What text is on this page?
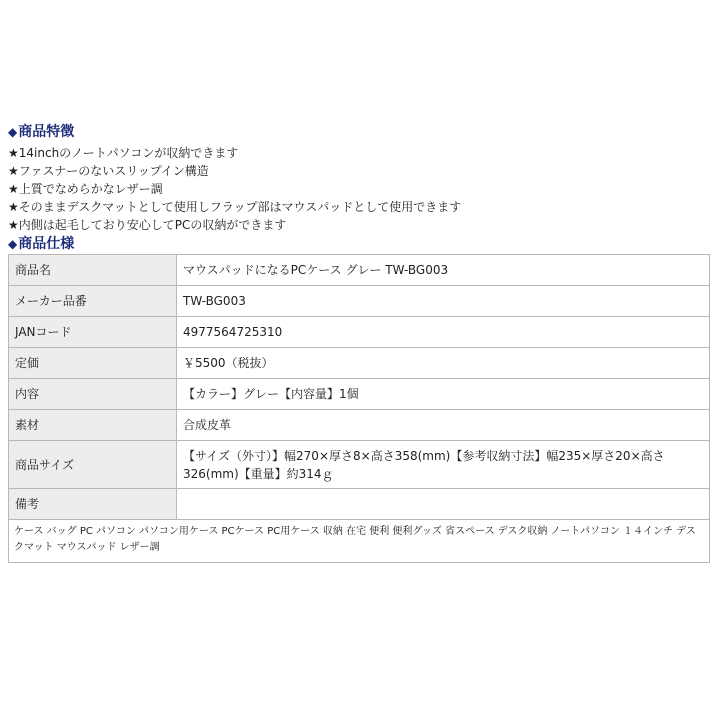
◆商品特徴
★14inchのノートパソコンが収納できます
★ファスナーのないスリップイン構造
★上質でなめらかなレザー調
★そのままデスクマットとして使用しフラップ部はマウスパッドとして使用できます
★内側は起毛しており安心してPCの収納ができます
◆商品仕様
商品名	マウスパッドになるPCケース グレー TW-BG003
メーカー品番	TW-BG003
JANコード	4977564725310
定価	￥5500（税抜）
内容	【カラー】グレー【内容量】1個
素材	合成皮革
商品サイズ	【サイズ（外寸）】幅270×厚さ8×高さ358(mm)【参考収納寸法】幅235×厚さ20×高さ326(mm)【重量】約314ｇ
備考	
ケース バッグ PC パソコン パソコン用ケース PCケース PC用ケース 収納 在宅 便利 便利グッズ 省スペース デスク収納 ノートパソコン １４インチ デスクマット マウスパッド レザー調	
